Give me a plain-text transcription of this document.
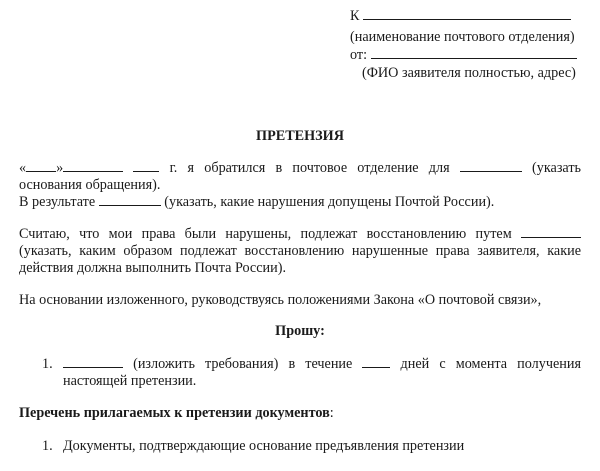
К
(наименование почтового отделения)
от:
(ФИО заявителя полностью, адрес)
ПРЕТЕНЗИЯ
« »	г. я обратился в почтовое отделение для	(указать
основания обращения).
В результате	(указать, какие нарушения допущены Почтой России).
Считаю, что мои права были нарушены, подлежат восстановлению путем
(указать, каким образом подлежат восстановлению нарушенные права заявителя, какие
действия должна выполнить Почта России).
На основании изложенного, руководствуясь положениями Закона «О почтовой связи»,
Прошу:
1.	(изложить требования) в течение	дней с момента получения
настоящей претензии.
Перечень прилагаемых к претензии документов:
1. Документы, подтверждающие основание предъявления претензии
